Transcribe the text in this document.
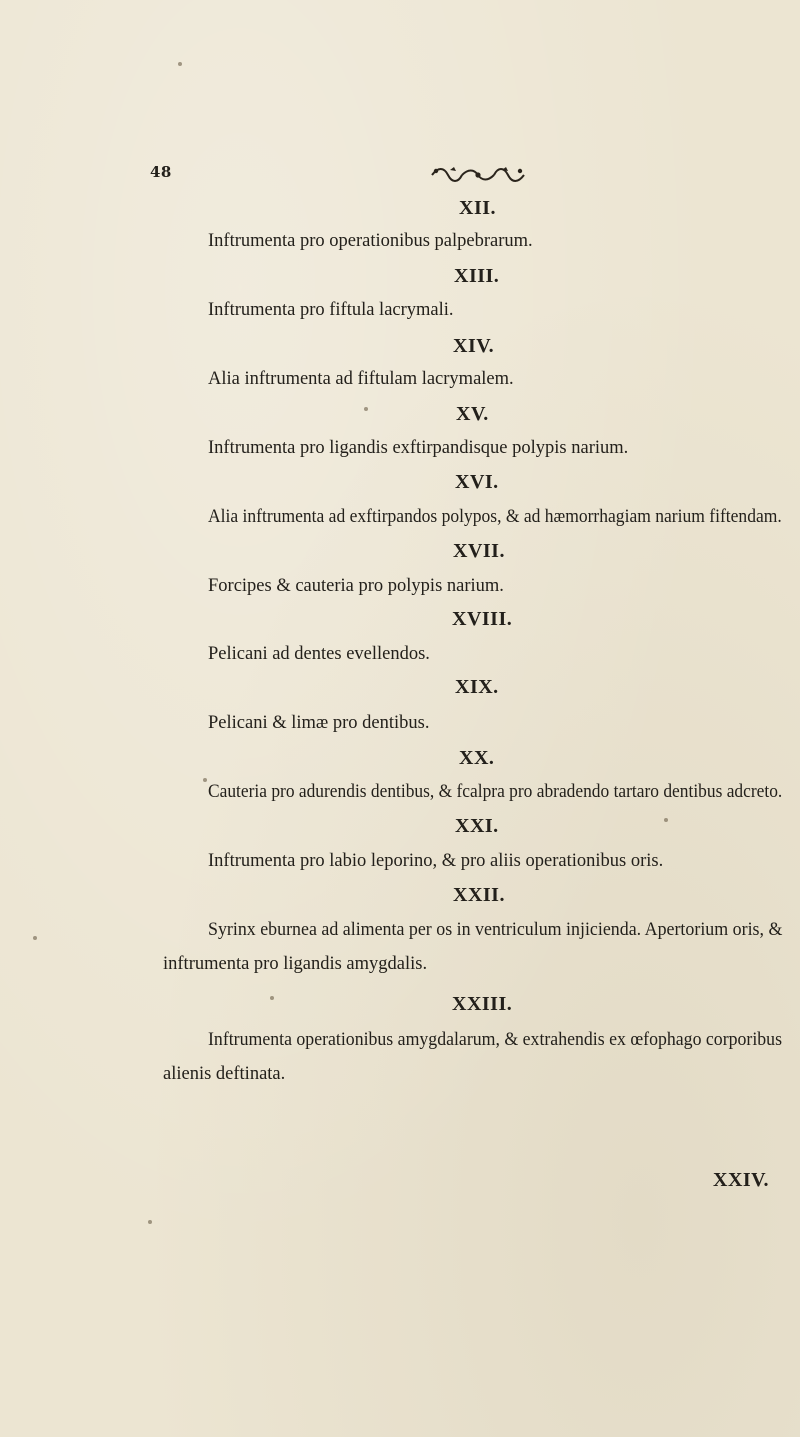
48
XII.
Inftrumenta pro operationibus palpebrarum.
XIII.
Inftrumenta pro fiftula lacrymali.
XIV.
Alia inftrumenta ad fiftulam lacrymalem.
XV.
Inftrumenta pro ligandis exftirpandisque polypis narium.
XVI.
Alia inftrumenta ad exftirpandos polypos, & ad hæmorrhagiam narium fiftendam.
XVII.
Forcipes & cauteria pro polypis narium.
XVIII.
Pelicani ad dentes evellendos.
XIX.
Pelicani & limæ pro dentibus.
XX.
Cauteria pro adurendis dentibus, & fcalpra pro abradendo tartaro dentibus adcreto.
XXI.
Inftrumenta pro labio leporino, & pro aliis operationibus oris.
XXII.
Syrinx eburnea ad alimenta per os in ventriculum injicienda. Apertorium oris, &
inftrumenta pro ligandis amygdalis.
XXIII.
Inftrumenta operationibus amygdalarum, & extrahendis ex œfophago corporibus
alienis deftinata.
XXIV.
